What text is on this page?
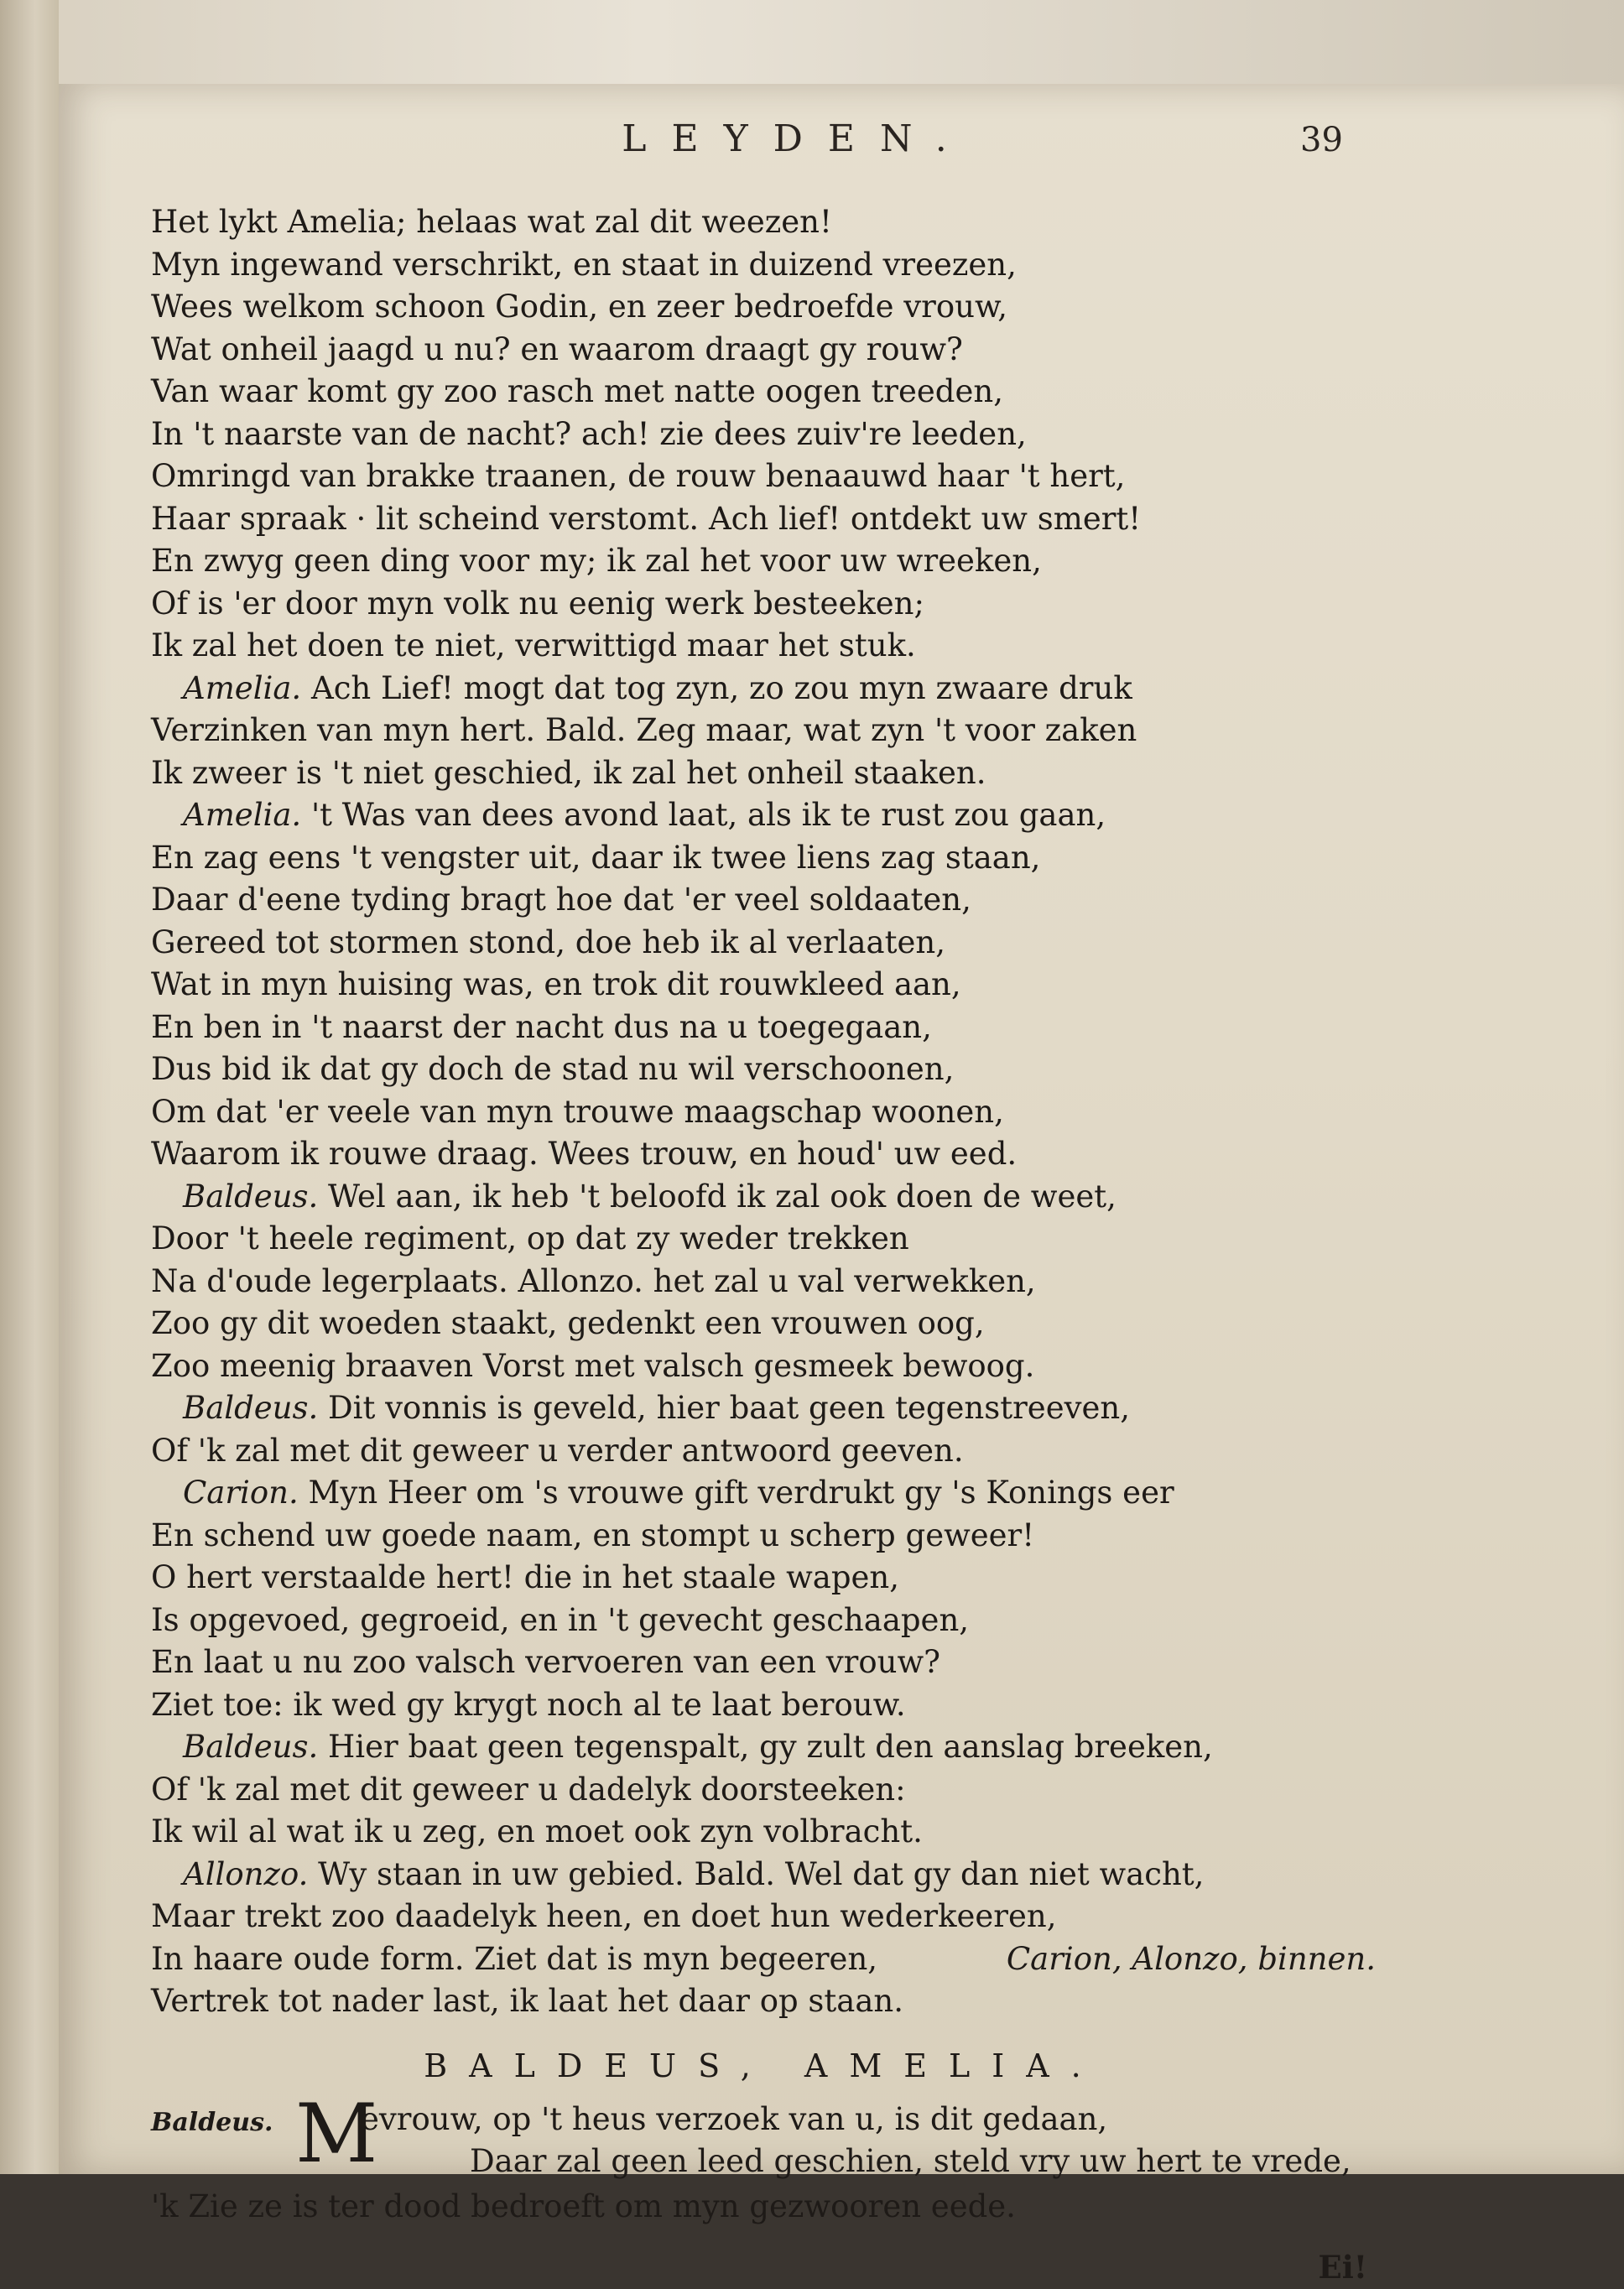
LEYDEN.	39
Het lykt Amelia; helaas wat zal dit weezen!
Myn ingewand verschrikt, en staat in duizend vreezen,
Wees welkom schoon Godin, en zeer bedroefde vrouw,
Wat onheil jaagd u nu? en waarom draagt gy rouw?
Van waar komt gy zoo rasch met natte oogen treeden,
In 't naarste van de nacht? ach! zie dees zuiv're leeden,
Omringd van brakke traanen, de rouw benaauwd haar 't hert,
Haar spraak · lit scheind verstomt. Ach lief! ontdekt uw smert!
En zwyg geen ding voor my; ik zal het voor uw wreeken,
Of is 'er door myn volk nu eenig werk besteeken;
Ik zal het doen te niet, verwittigd maar het stuk.
Amelia. Ach Lief! mogt dat tog zyn, zo zou myn zwaare druk
Verzinken van myn hert. Bald. Zeg maar, wat zyn 't voor zaken
Ik zweer is 't niet geschied, ik zal het onheil staaken.
Amelia. 't Was van dees avond laat, als ik te rust zou gaan,
En zag eens 't vengster uit, daar ik twee liens zag staan,
Daar d'eene tyding bragt hoe dat 'er veel soldaaten,
Gereed tot stormen stond, doe heb ik al verlaaten,
Wat in myn huising was, en trok dit rouwkleed aan,
En ben in 't naarst der nacht dus na u toegegaan,
Dus bid ik dat gy doch de stad nu wil verschoonen,
Om dat 'er veele van myn trouwe maagschap woonen,
Waarom ik rouwe draag. Wees trouw, en houd' uw eed.
Baldeus. Wel aan, ik heb 't beloofd ik zal ook doen de weet,
Door 't heele regiment, op dat zy weder trekken
Na d'oude legerplaats. Allonzo. het zal u val verwekken,
Zoo gy dit woeden staakt, gedenkt een vrouwen oog,
Zoo meenig braaven Vorst met valsch gesmeek bewoog.
Baldeus. Dit vonnis is geveld, hier baat geen tegenstreeven,
Of 'k zal met dit geweer u verder antwoord geeven.
Carion. Myn Heer om 's vrouwe gift verdrukt gy 's Konings eer
En schend uw goede naam, en stompt u scherp geweer!
O hert verstaalde hert! die in het staale wapen,
Is opgevoed, gegroeid, en in 't gevecht geschaapen,
En laat u nu zoo valsch vervoeren van een vrouw?
Ziet toe: ik wed gy krygt noch al te laat berouw.
Baldeus. Hier baat geen tegenspalt, gy zult den aanslag breeken,
Of 'k zal met dit geweer u dadelyk doorsteeken:
Ik wil al wat ik u zeg, en moet ook zyn volbracht.
Allonzo. Wy staan in uw gebied. Bald. Wel dat gy dan niet wacht,
Maar trekt zoo daadelyk heen, en doet hun wederkeeren,
In haare oude form. Ziet dat is myn begeeren,	Carion, Alonzo, binnen.
Vertrek tot nader last, ik laat het daar op staan.
BALDEUS, AMELIA.
Baldeus. M
evrouw, op 't heus verzoek van u, is dit gedaan,
Daar zal geen leed geschien, steld vry uw hert te vrede,
'k Zie ze is ter dood bedroeft om myn gezwooren eede.
Ei!
